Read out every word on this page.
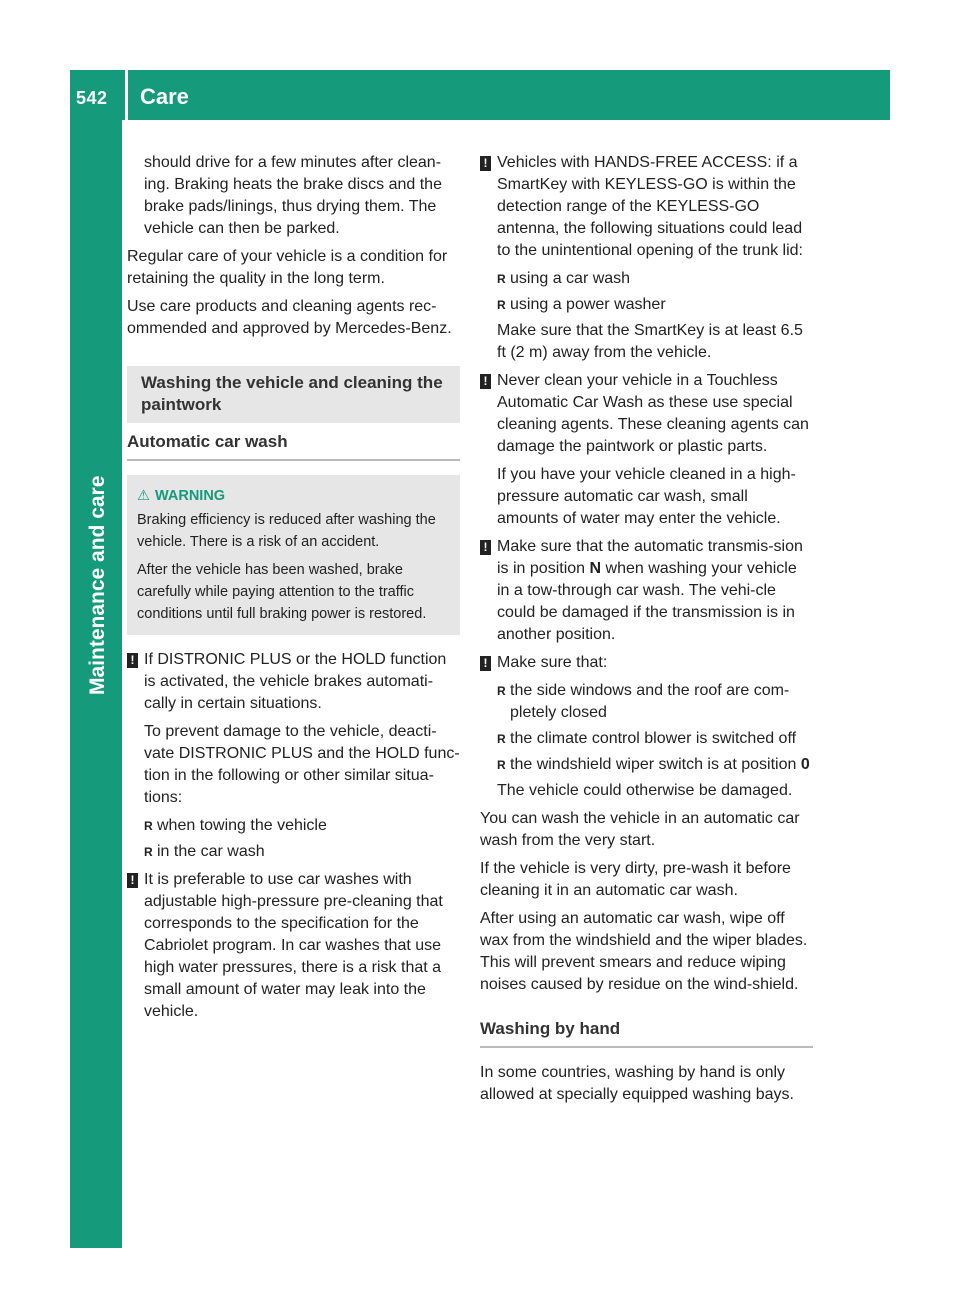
542 Care
Maintenance and care

should drive for a few minutes after clean-ing. Braking heats the brake discs and the brake pads/linings, thus drying them. The vehicle can then be parked.

Regular care of your vehicle is a condition for retaining the quality in the long term.

Use care products and cleaning agents rec-ommended and approved by Mercedes-Benz.

Washing the vehicle and cleaning the paintwork
Automatic car wash
⚠ WARNING

Braking efficiency is reduced after washing the vehicle. There is a risk of an accident.

After the vehicle has been washed, brake carefully while paying attention to the traffic conditions until full braking power is restored.

! If DISTRONIC PLUS or the HOLD function is activated, the vehicle brakes automati-cally in certain situations.

To prevent damage to the vehicle, deacti-vate DISTRONIC PLUS and the HOLD func-tion in the following or other similar situa-tions:

R when towing the vehicle
R in the car wash
! It is preferable to use car washes with adjustable high-pressure pre-cleaning that corresponds to the specification for the Cabriolet program. In car washes that use high water pressures, there is a risk that a small amount of water may leak into the vehicle.

! Vehicles with HANDS-FREE ACCESS: if a SmartKey with KEYLESS-GO is within the detection range of the KEYLESS-GO antenna, the following situations could lead to the unintentional opening of the trunk lid:

R using a car wash
R using a power washer

Make sure that the SmartKey is at least 6.5 ft (2 m) away from the vehicle.

! Never clean your vehicle in a Touchless Automatic Car Wash as these use special cleaning agents. These cleaning agents can damage the paintwork or plastic parts.

If you have your vehicle cleaned in a high-pressure automatic car wash, small amounts of water may enter the vehicle.

! Make sure that the automatic transmis-sion is in position N when washing your vehicle in a tow-through car wash. The vehi-cle could be damaged if the transmission is in another position.

! Make sure that:

R the side windows and the roof are com-pletely closed
R the climate control blower is switched off
R the windshield wiper switch is at position 0

The vehicle could otherwise be damaged.

You can wash the vehicle in an automatic car wash from the very start.

If the vehicle is very dirty, pre-wash it before cleaning it in an automatic car wash.

After using an automatic car wash, wipe off wax from the windshield and the wiper blades. This will prevent smears and reduce wiping noises caused by residue on the wind-shield.

Washing by hand

In some countries, washing by hand is only allowed at specially equipped washing bays.
